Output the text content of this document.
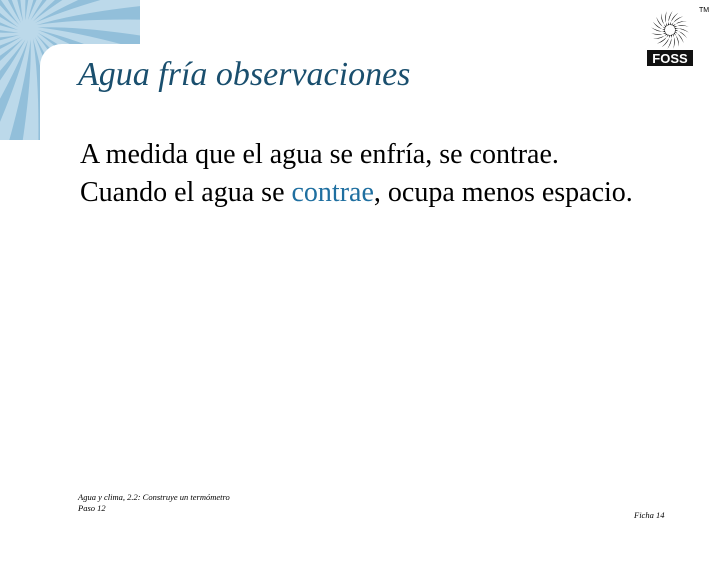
FOSS
TM
Agua fría observaciones

A medida que el agua se enfría, se contrae. Cuando el agua se contrae, ocupa menos espacio.

Agua y clima, 2.2: Construye un termómetro
Paso 12
Ficha 14
